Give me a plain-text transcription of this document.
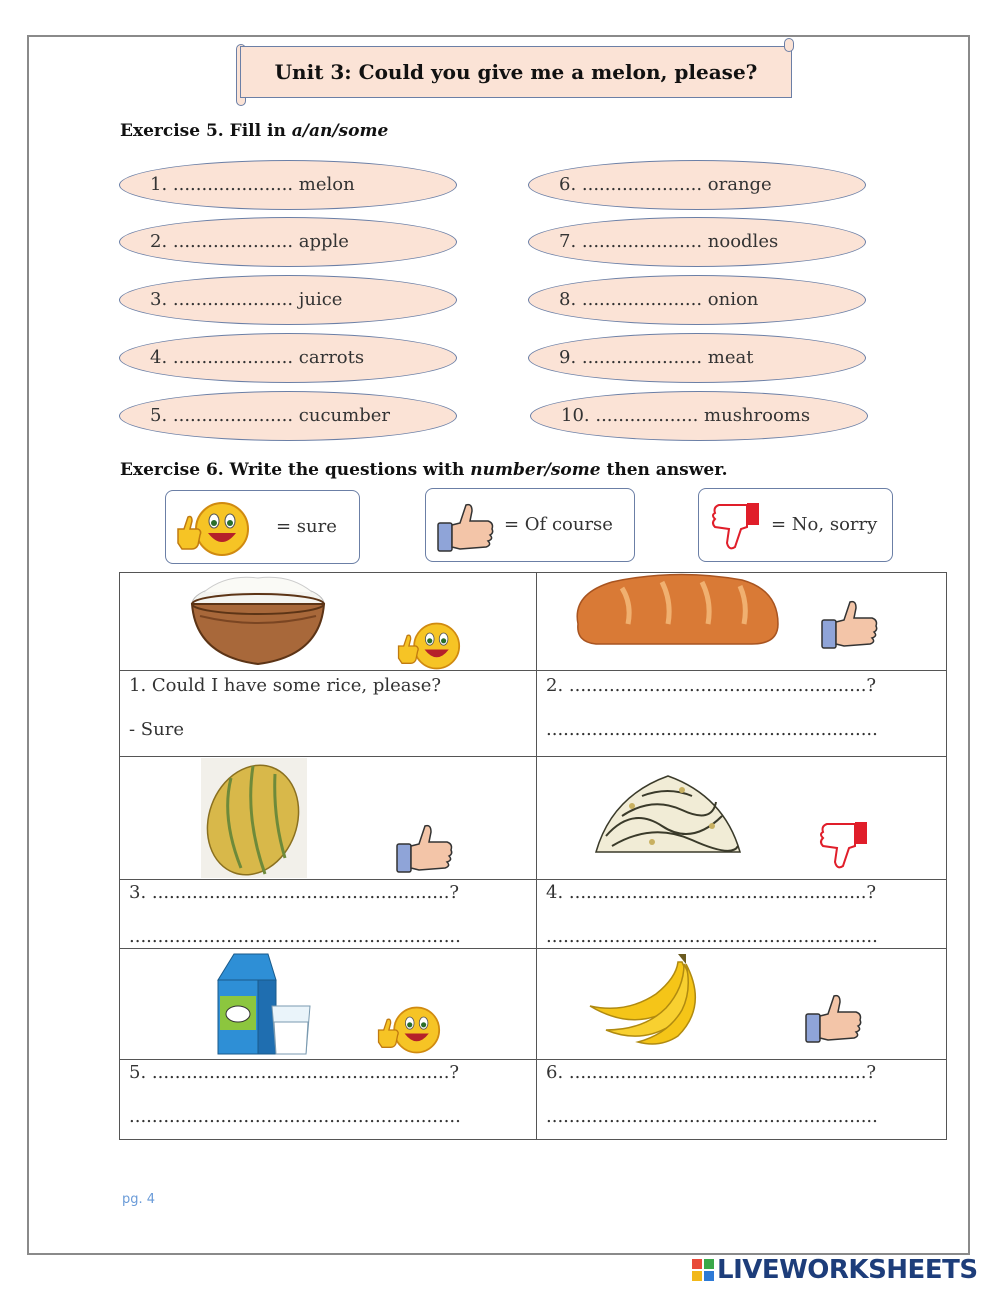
Unit 3: Could you give me a melon, please?
Exercise 5. Fill in a/an/some
1. ..................... melon
2. ..................... apple
3. ..................... juice
4. ..................... carrots
5. ..................... cucumber
6. ..................... orange
7. ..................... noodles
8. ..................... onion
9. ..................... meat
10. .................. mushrooms
Exercise 6. Write the questions with number/some then answer.
= sure	= Of course	= No, sorry
1. Could I have some rice, please?
- Sure
2. ....................................................?
..........................................................
3. ....................................................?
..........................................................
4. ....................................................?
..........................................................
5. ....................................................?
..........................................................
6. ....................................................?
..........................................................
pg. 4
LIVEWORKSHEETS
